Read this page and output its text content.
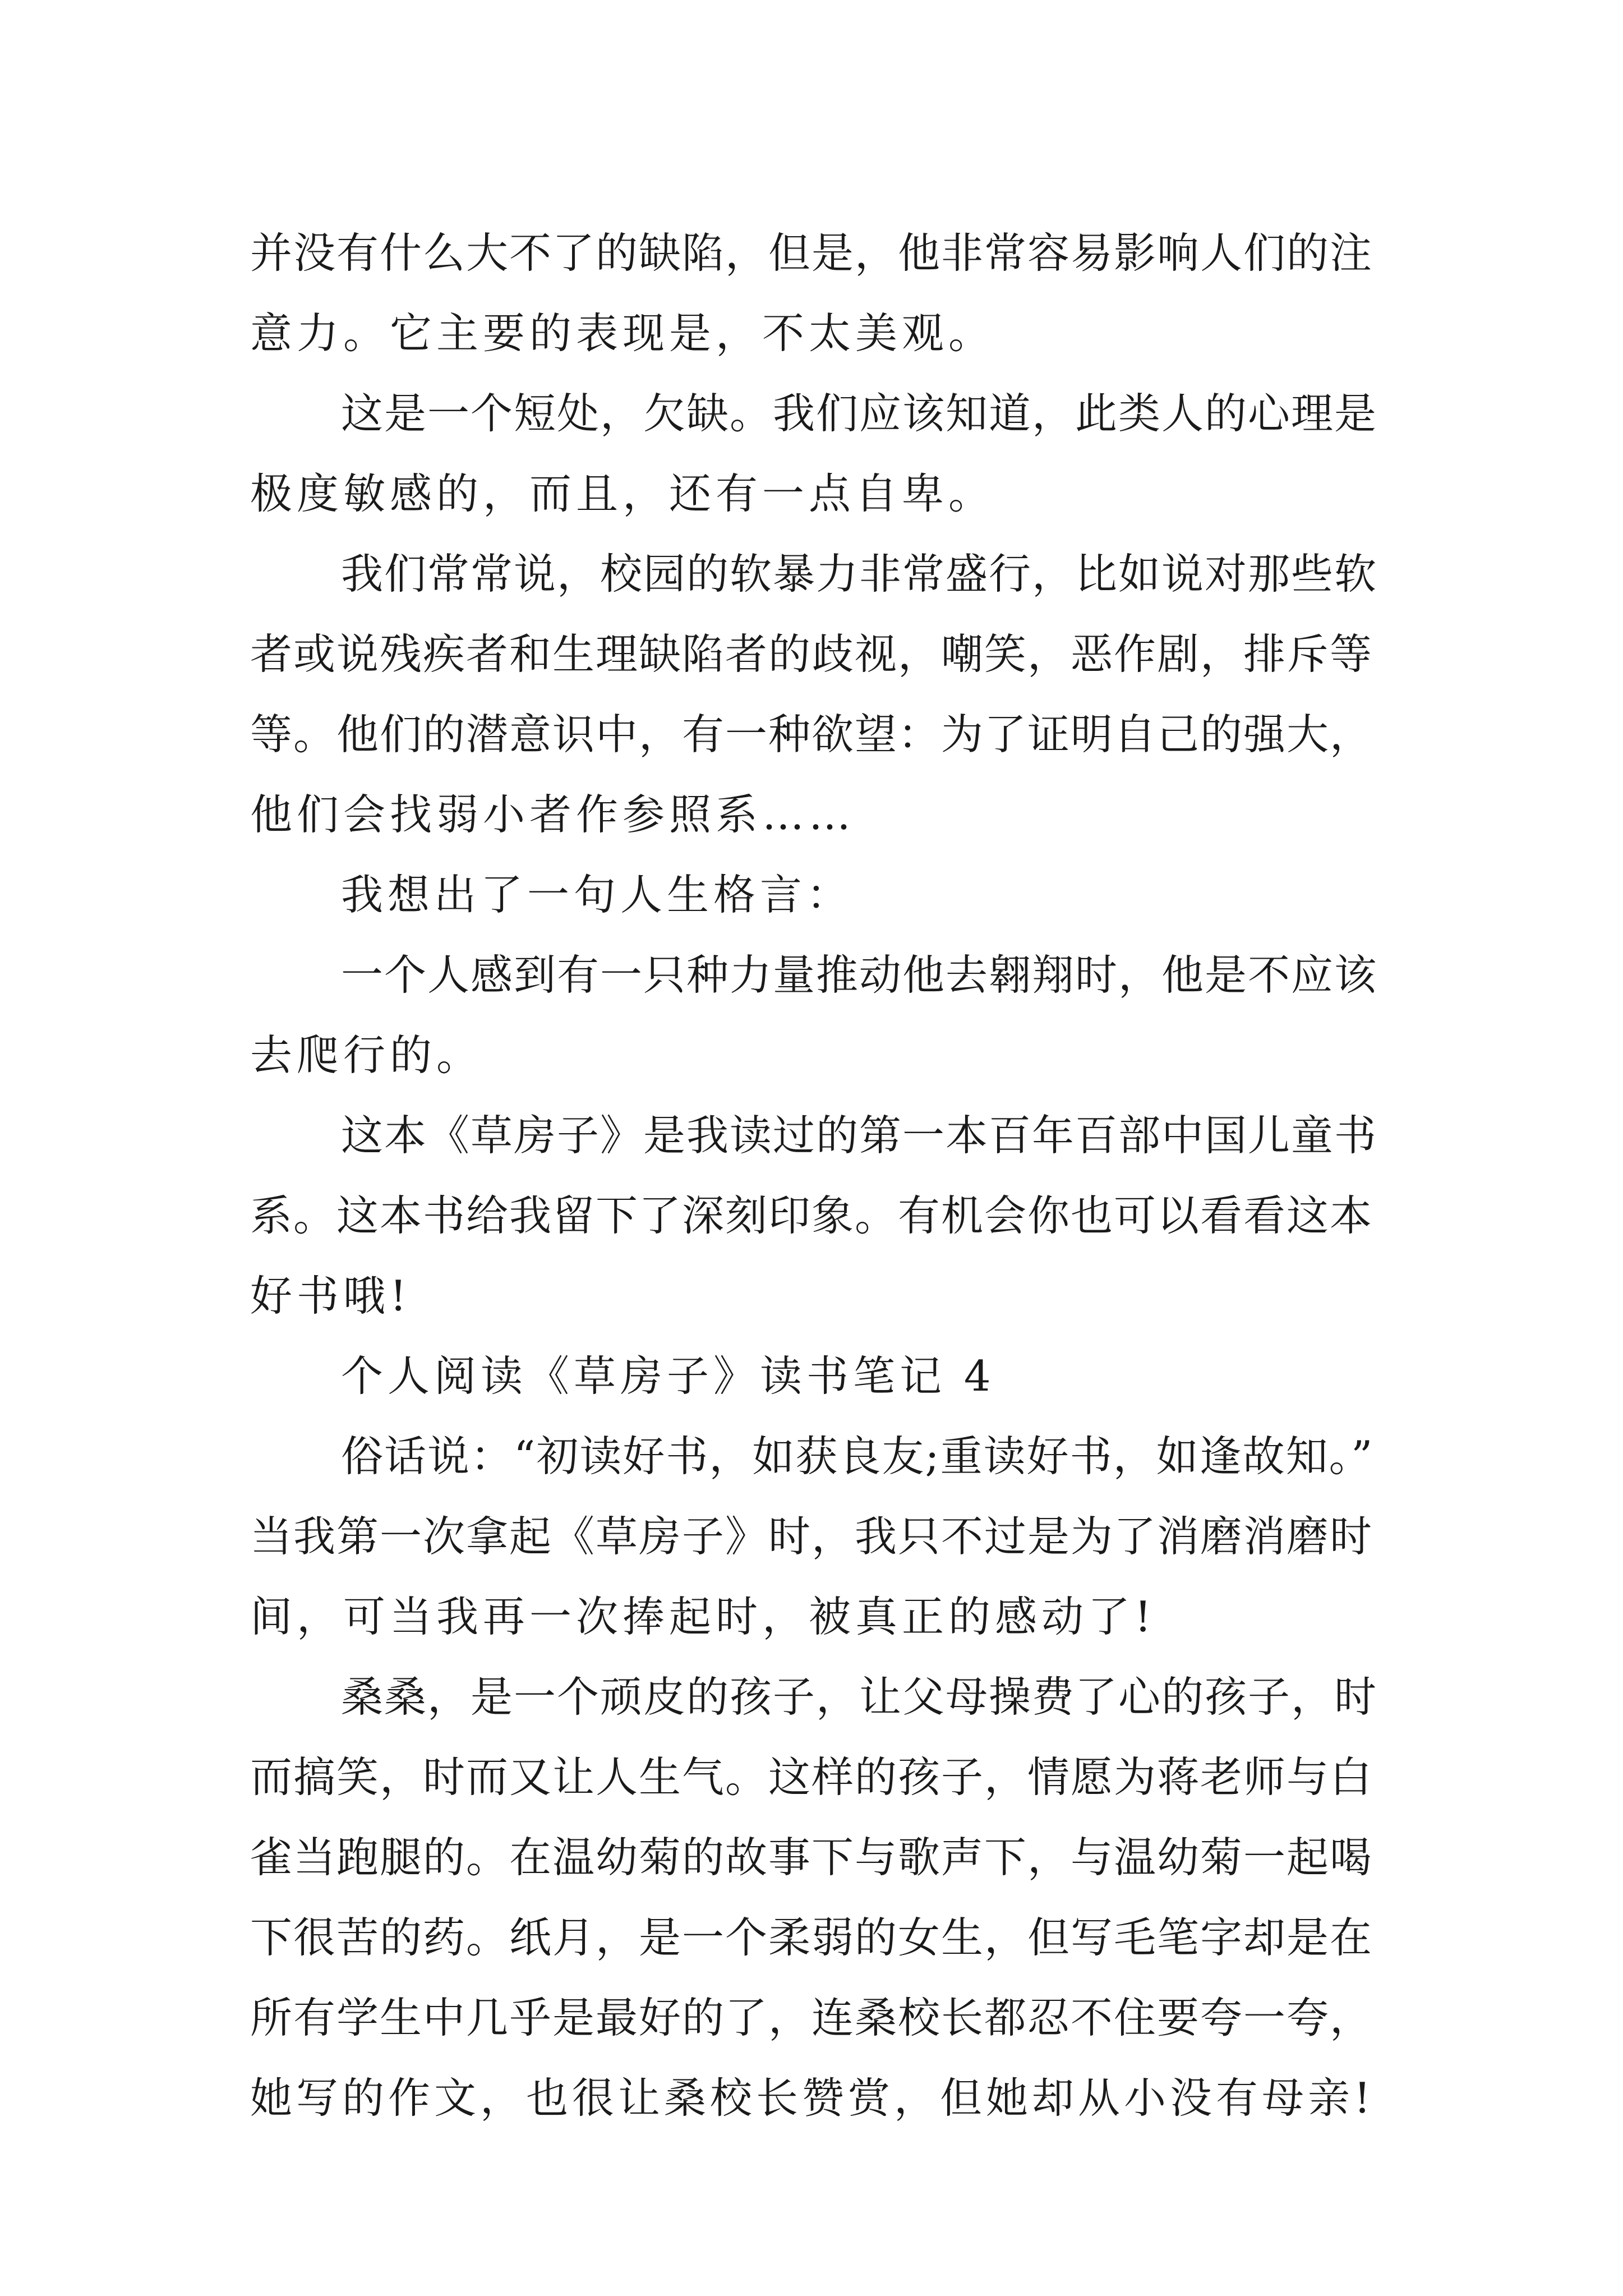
并没有什么大不了的缺陷，但是，他非常容易影响人们的注
意力。它主要的表现是，不太美观。
这是一个短处，欠缺。我们应该知道，此类人的心理是
极度敏感的，而且，还有一点自卑。
我们常常说，校园的软暴力非常盛行，比如说对那些软
者或说残疾者和生理缺陷者的歧视，嘲笑，恶作剧，排斥等
等。他们的潜意识中，有一种欲望：为了证明自己的强大，
他们会找弱小者作参照系……
我想出了一句人生格言：
一个人感到有一只种力量推动他去翱翔时，他是不应该
去爬行的。
这本《草房子》是我读过的第一本百年百部中国儿童书
系。这本书给我留下了深刻印象。有机会你也可以看看这本
好书哦!
个人阅读《草房子》读书笔记 4
俗话说：“初读好书，如获良友;重读好书，如逢故知。”
当我第一次拿起《草房子》时，我只不过是为了消磨消磨时
间，可当我再一次捧起时，被真正的感动了!
桑桑，是一个顽皮的孩子，让父母操费了心的孩子，时
而搞笑，时而又让人生气。这样的孩子，情愿为蒋老师与白
雀当跑腿的。在温幼菊的故事下与歌声下，与温幼菊一起喝
下很苦的药。纸月，是一个柔弱的女生，但写毛笔字却是在
所有学生中几乎是最好的了，连桑校长都忍不住要夸一夸，
她写的作文，也很让桑校长赞赏，但她却从小没有母亲!
